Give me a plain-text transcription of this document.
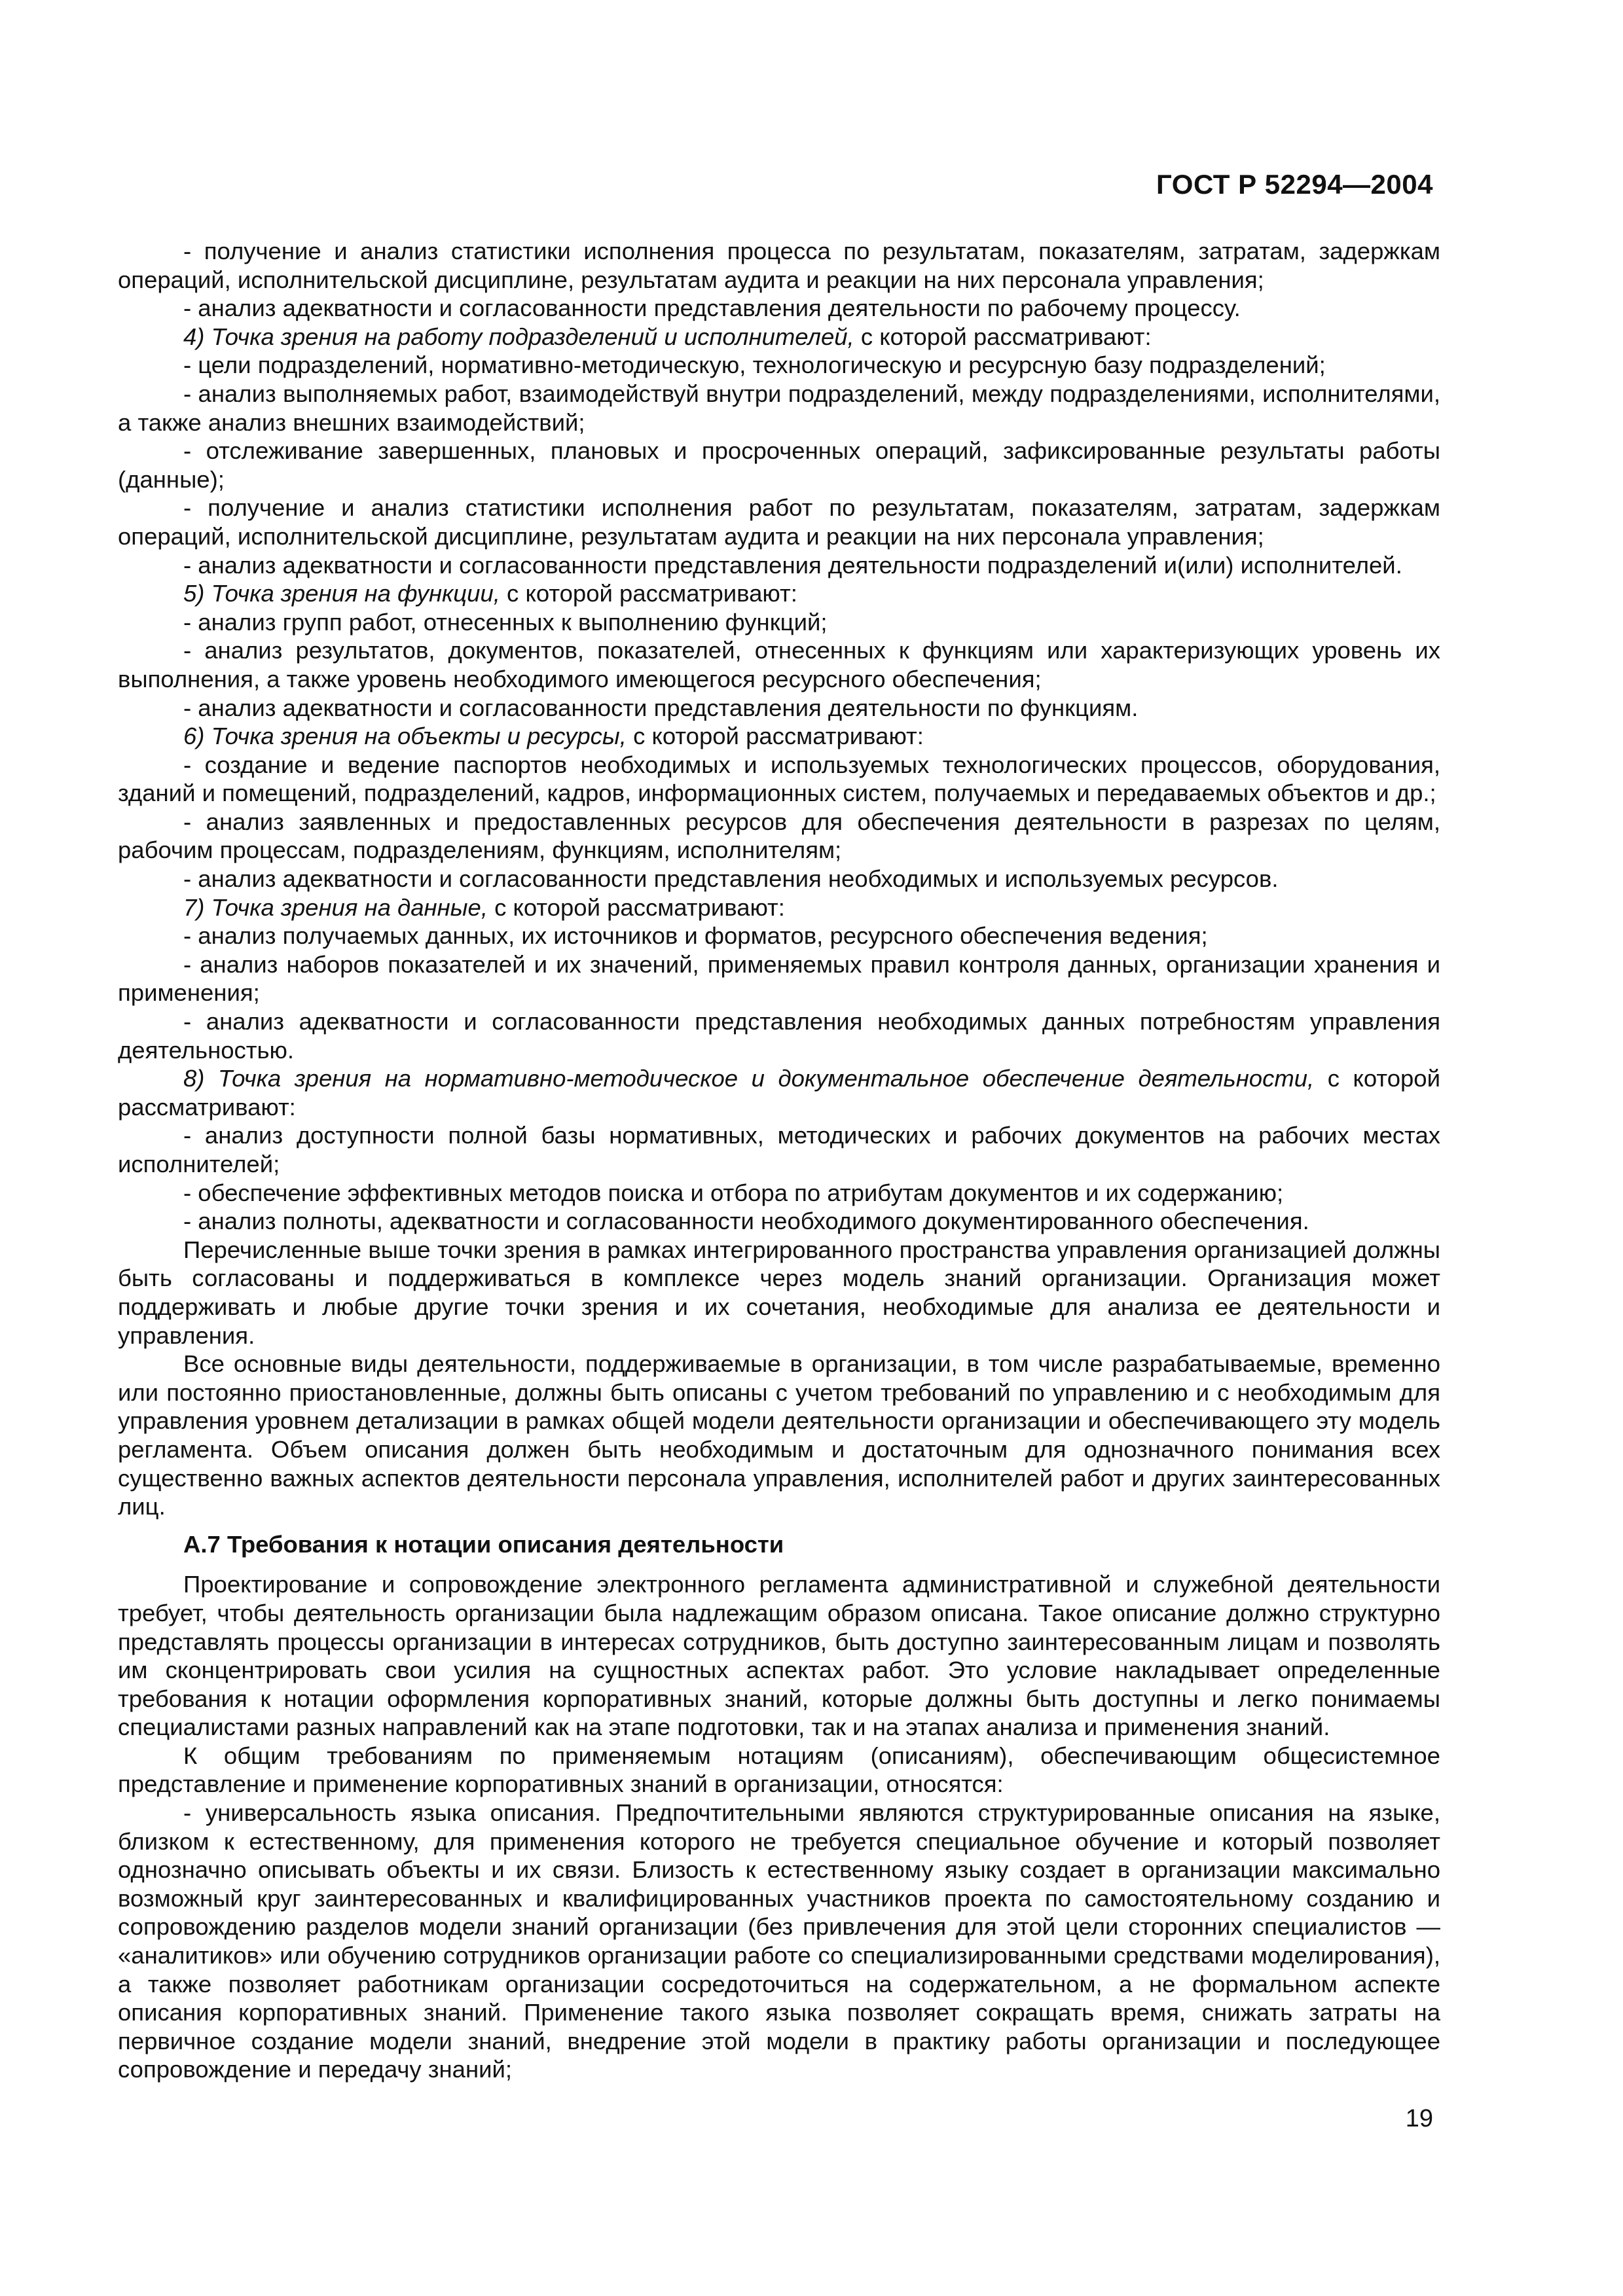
ГОСТ Р 52294—2004

- получение и анализ статистики исполнения процесса по результатам, показателям, затратам, задержкам операций, исполнительской дисциплине, результатам аудита и реакции на них персонала управления;

- анализ адекватности и согласованности представления деятельности по рабочему процессу.

4) Точка зрения на работу подразделений и исполнителей, с которой рассматривают:

- цели подразделений, нормативно-методическую, технологическую и ресурсную базу подразделений;

- анализ выполняемых работ, взаимодействуй внутри подразделений, между подразделениями, исполнителями, а также анализ внешних взаимодействий;

- отслеживание завершенных, плановых и просроченных операций, зафиксированные результаты работы (данные);

- получение и анализ статистики исполнения работ по результатам, показателям, затратам, задержкам операций, исполнительской дисциплине, результатам аудита и реакции на них персонала управления;

- анализ адекватности и согласованности представления деятельности подразделений и(или) исполнителей.

5) Точка зрения на функции, с которой рассматривают:

- анализ групп работ, отнесенных к выполнению функций;

- анализ результатов, документов, показателей, отнесенных к функциям или характеризующих уровень их выполнения, а также уровень необходимого имеющегося ресурсного обеспечения;

- анализ адекватности и согласованности представления деятельности по функциям.

6) Точка зрения на объекты и ресурсы, с которой рассматривают:

- создание и ведение паспортов необходимых и используемых технологических процессов, оборудования, зданий и помещений, подразделений, кадров, информационных систем, получаемых и передаваемых объектов и др.;

- анализ заявленных и предоставленных ресурсов для обеспечения деятельности в разрезах по целям, рабочим процессам, подразделениям, функциям, исполнителям;

- анализ адекватности и согласованности представления необходимых и используемых ресурсов.

7) Точка зрения на данные, с которой рассматривают:

- анализ получаемых данных, их источников и форматов, ресурсного обеспечения ведения;

- анализ наборов показателей и их значений, применяемых правил контроля данных, организации хранения и применения;

- анализ адекватности и согласованности представления необходимых данных потребностям управления деятельностью.

8) Точка зрения на нормативно-методическое и документальное обеспечение деятельности, с которой рассматривают:

- анализ доступности полной базы нормативных, методических и рабочих документов на рабочих местах исполнителей;

- обеспечение эффективных методов поиска и отбора по атрибутам документов и их содержанию;

- анализ полноты, адекватности и согласованности необходимого документированного обеспечения.

Перечисленные выше точки зрения в рамках интегрированного пространства управления организацией должны быть согласованы и поддерживаться в комплексе через модель знаний организации. Организация может поддерживать и любые другие точки зрения и их сочетания, необходимые для анализа ее деятельности и управления.

Все основные виды деятельности, поддерживаемые в организации, в том числе разрабатываемые, временно или постоянно приостановленные, должны быть описаны с учетом требований по управлению и с необходимым для управления уровнем детализации в рамках общей модели деятельности организации и обеспечивающего эту модель регламента. Объем описания должен быть необходимым и достаточным для однозначного понимания всех существенно важных аспектов деятельности персонала управления, исполнителей работ и других заинтересованных лиц.

А.7 Требования к нотации описания деятельности

Проектирование и сопровождение электронного регламента административной и служебной деятельности требует, чтобы деятельность организации была надлежащим образом описана. Такое описание должно структурно представлять процессы организации в интересах сотрудников, быть доступно заинтересованным лицам и позволять им сконцентрировать свои усилия на сущностных аспектах работ. Это условие накладывает определенные требования к нотации оформления корпоративных знаний, которые должны быть доступны и легко понимаемы специалистами разных направлений как на этапе подготовки, так и на этапах анализа и применения знаний.

К общим требованиям по применяемым нотациям (описаниям), обеспечивающим общесистемное представление и применение корпоративных знаний в организации, относятся:

- универсальность языка описания. Предпочтительными являются структурированные описания на языке, близком к естественному, для применения которого не требуется специальное обучение и который позволяет однозначно описывать объекты и их связи. Близость к естественному языку создает в организации максимально возможный круг заинтересованных и квалифицированных участников проекта по самостоятельному созданию и сопровождению разделов модели знаний организации (без привлечения для этой цели сторонних специалистов — «аналитиков» или обучению сотрудников организации работе со специализированными средствами моделирования), а также позволяет работникам организации сосредоточиться на содержательном, а не формальном аспекте описания корпоративных знаний. Применение такого языка позволяет сокращать время, снижать затраты на первичное создание модели знаний, внедрение этой модели в практику работы организации и последующее сопровождение и передачу знаний;

19
